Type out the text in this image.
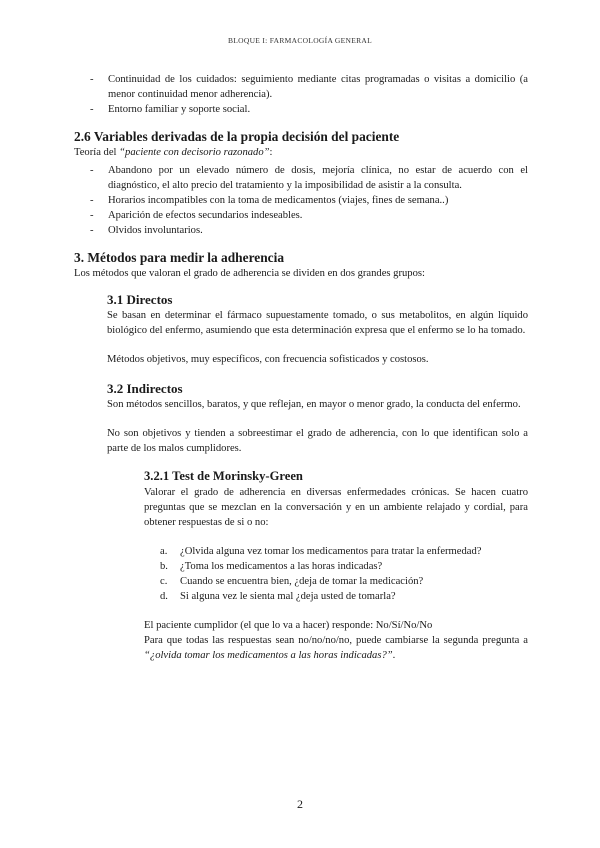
BLOQUE I: FARMACOLOGÍA GENERAL
- Continuidad de los cuidados: seguimiento mediante citas programadas o visitas a domicilio (a menor continuidad menor adherencia).
- Entorno familiar y soporte social.
2.6 Variables derivadas de la propia decisión del paciente

Teoría del “paciente con decisorio razonado”:

- Abandono por un elevado número de dosis, mejoría clínica, no estar de acuerdo con el diagnóstico, el alto precio del tratamiento y la imposibilidad de asistir a la consulta.
- Horarios incompatibles con la toma de medicamentos (viajes, fines de semana..)
- Aparición de efectos secundarios indeseables.
- Olvidos involuntarios.
3. Métodos para medir la adherencia

Los métodos que valoran el grado de adherencia se dividen en dos grandes grupos:

3.1 Directos

Se basan en determinar el fármaco supuestamente tomado, o sus metabolitos, en algún líquido biológico del enfermo, asumiendo que esta determinación expresa que el enfermo se lo ha tomado.

Métodos objetivos, muy específicos, con frecuencia sofisticados y costosos.

3.2 Indirectos

Son métodos sencillos, baratos, y que reflejan, en mayor o menor grado, la conducta del enfermo.

No son objetivos y tienden a sobreestimar el grado de adherencia, con lo que identifican solo a parte de los malos cumplidores.

3.2.1 Test de Morinsky-Green

Valorar el grado de adherencia en diversas enfermedades crónicas. Se hacen cuatro preguntas que se mezclan en la conversación y en un ambiente relajado y cordial, para obtener respuestas de si o no:

a. ¿Olvida alguna vez tomar los medicamentos para tratar la enfermedad?
b. ¿Toma los medicamentos a las horas indicadas?
c. Cuando se encuentra bien, ¿deja de tomar la medicación?
d. Si alguna vez le sienta mal ¿deja usted de tomarla?

El paciente cumplidor (el que lo va a hacer) responde: No/Sí/No/No

Para que todas las respuestas sean no/no/no/no, puede cambiarse la segunda pregunta a “¿olvida tomar los medicamentos a las horas indicadas?”.

2
